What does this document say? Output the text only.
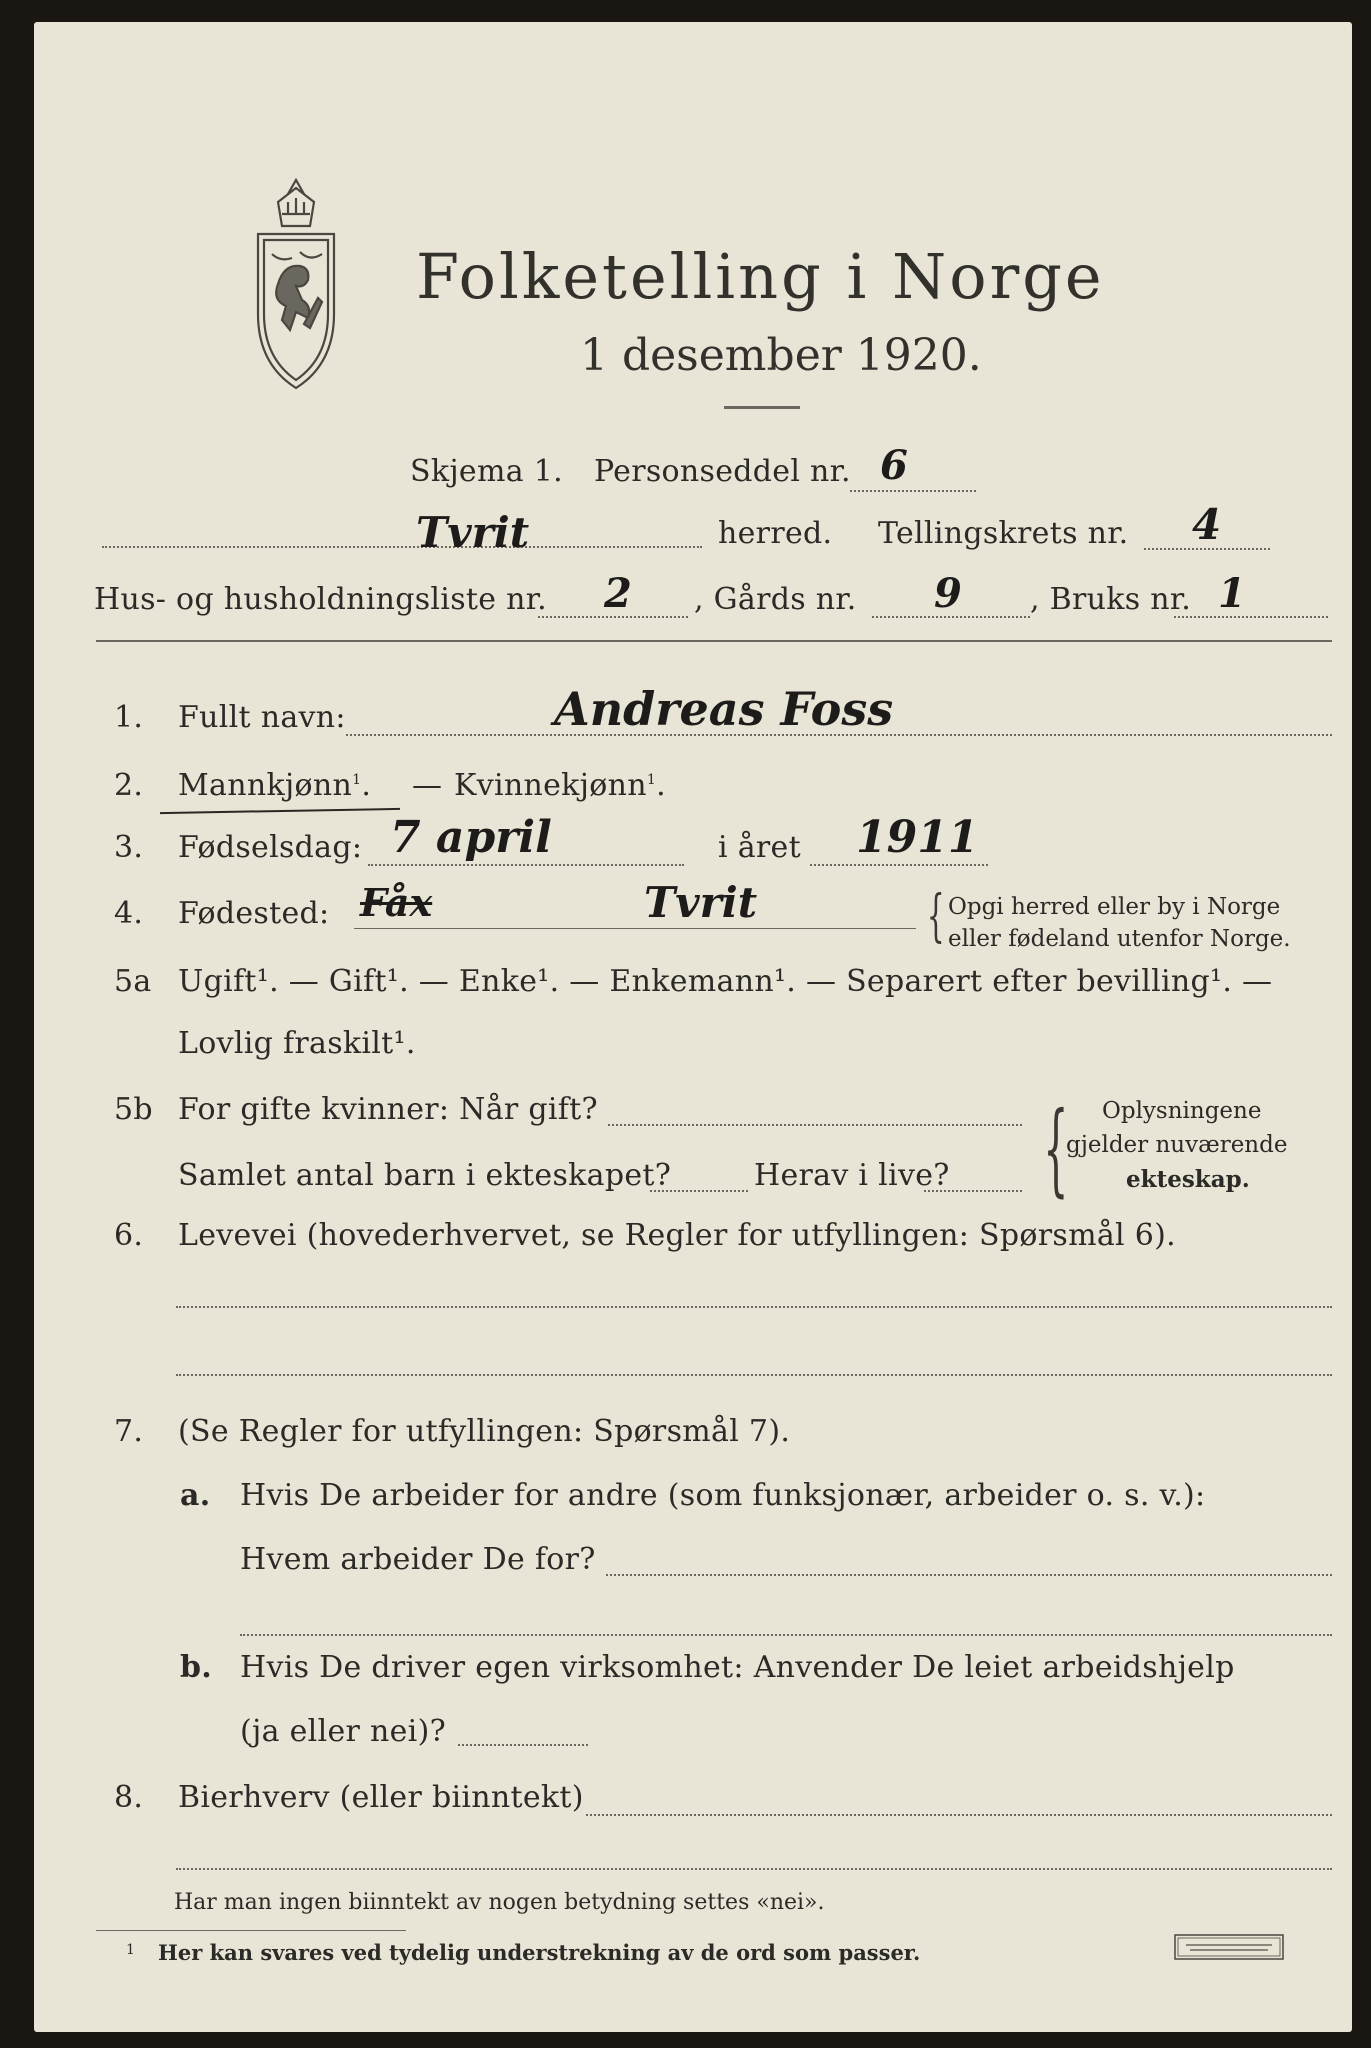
Folketelling i Norge
1 desember 1920.
Skjema 1. Personseddel nr. 6
Tvrit	herred. Tellingskrets nr. 4
Hus- og husholdningsliste nr. 2 , Gårds nr. 9 , Bruks nr. 1
1. Fullt navn:	Andreas Foss
2. Mannkjønn$^1$. — Kvinnekjønn$^1$.
3. Fødselsdag: 7 april	i året 1911
4. Fødested: Fåx	Tvrit	{ Opgi herred eller by i Norge
eller fødeland utenfor Norge.
5a Ugift¹. — Gift¹. — Enke¹. — Enkemann¹. — Separert efter bevilling¹. —
Lovlig fraskilt¹.
5b For gifte kvinner: Når gift?
Samlet antal barn i ekteskapet?	Herav i live? { Oplysningene
gjelder nuværende
ekteskap.
6. Levevei (hovederhvervet, se Regler for utfyllingen: Spørsmål 6).
7. (Se Regler for utfyllingen: Spørsmål 7).
a. Hvis De arbeider for andre (som funksjonær, arbeider o. s. v.):
Hvem arbeider De for?
b. Hvis De driver egen virksomhet: Anvender De leiet arbeidshjelp
(ja eller nei)?
8. Bierhverv (eller biinntekt)
Har man ingen biinntekt av nogen betydning settes «nei».
1 Her kan svares ved tydelig understrekning av de ord som passer.
